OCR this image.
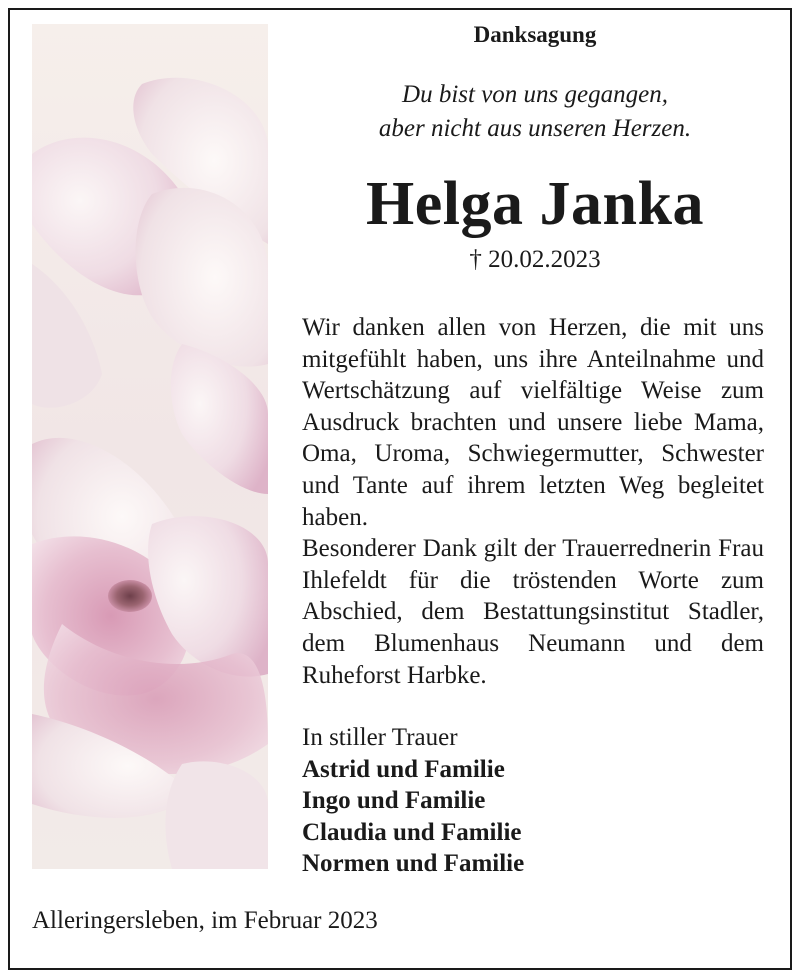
Danksagung
Du bist von uns gegangen,
aber nicht aus unseren Herzen.
Helga Janka
† 20.02.2023

Wir danken allen von Herzen, die mit uns mitgefühlt haben, uns ihre Anteilnahme und Wertschätzung auf vielfältige Weise zum Ausdruck brachten und unsere liebe Mama, Oma, Uroma, Schwiegermutter, Schwester und Tante auf ihrem letzten Weg begleitet haben.

Besonderer Dank gilt der Trauerrednerin Frau Ihlefeldt für die tröstenden Worte zum Abschied, dem Bestattungsinstitut Stadler, dem Blumenhaus Neumann und dem Ruheforst Harbke.

In stiller Trauer
Astrid und Familie
Ingo und Familie
Claudia und Familie
Normen und Familie
Alleringersleben, im Februar 2023
